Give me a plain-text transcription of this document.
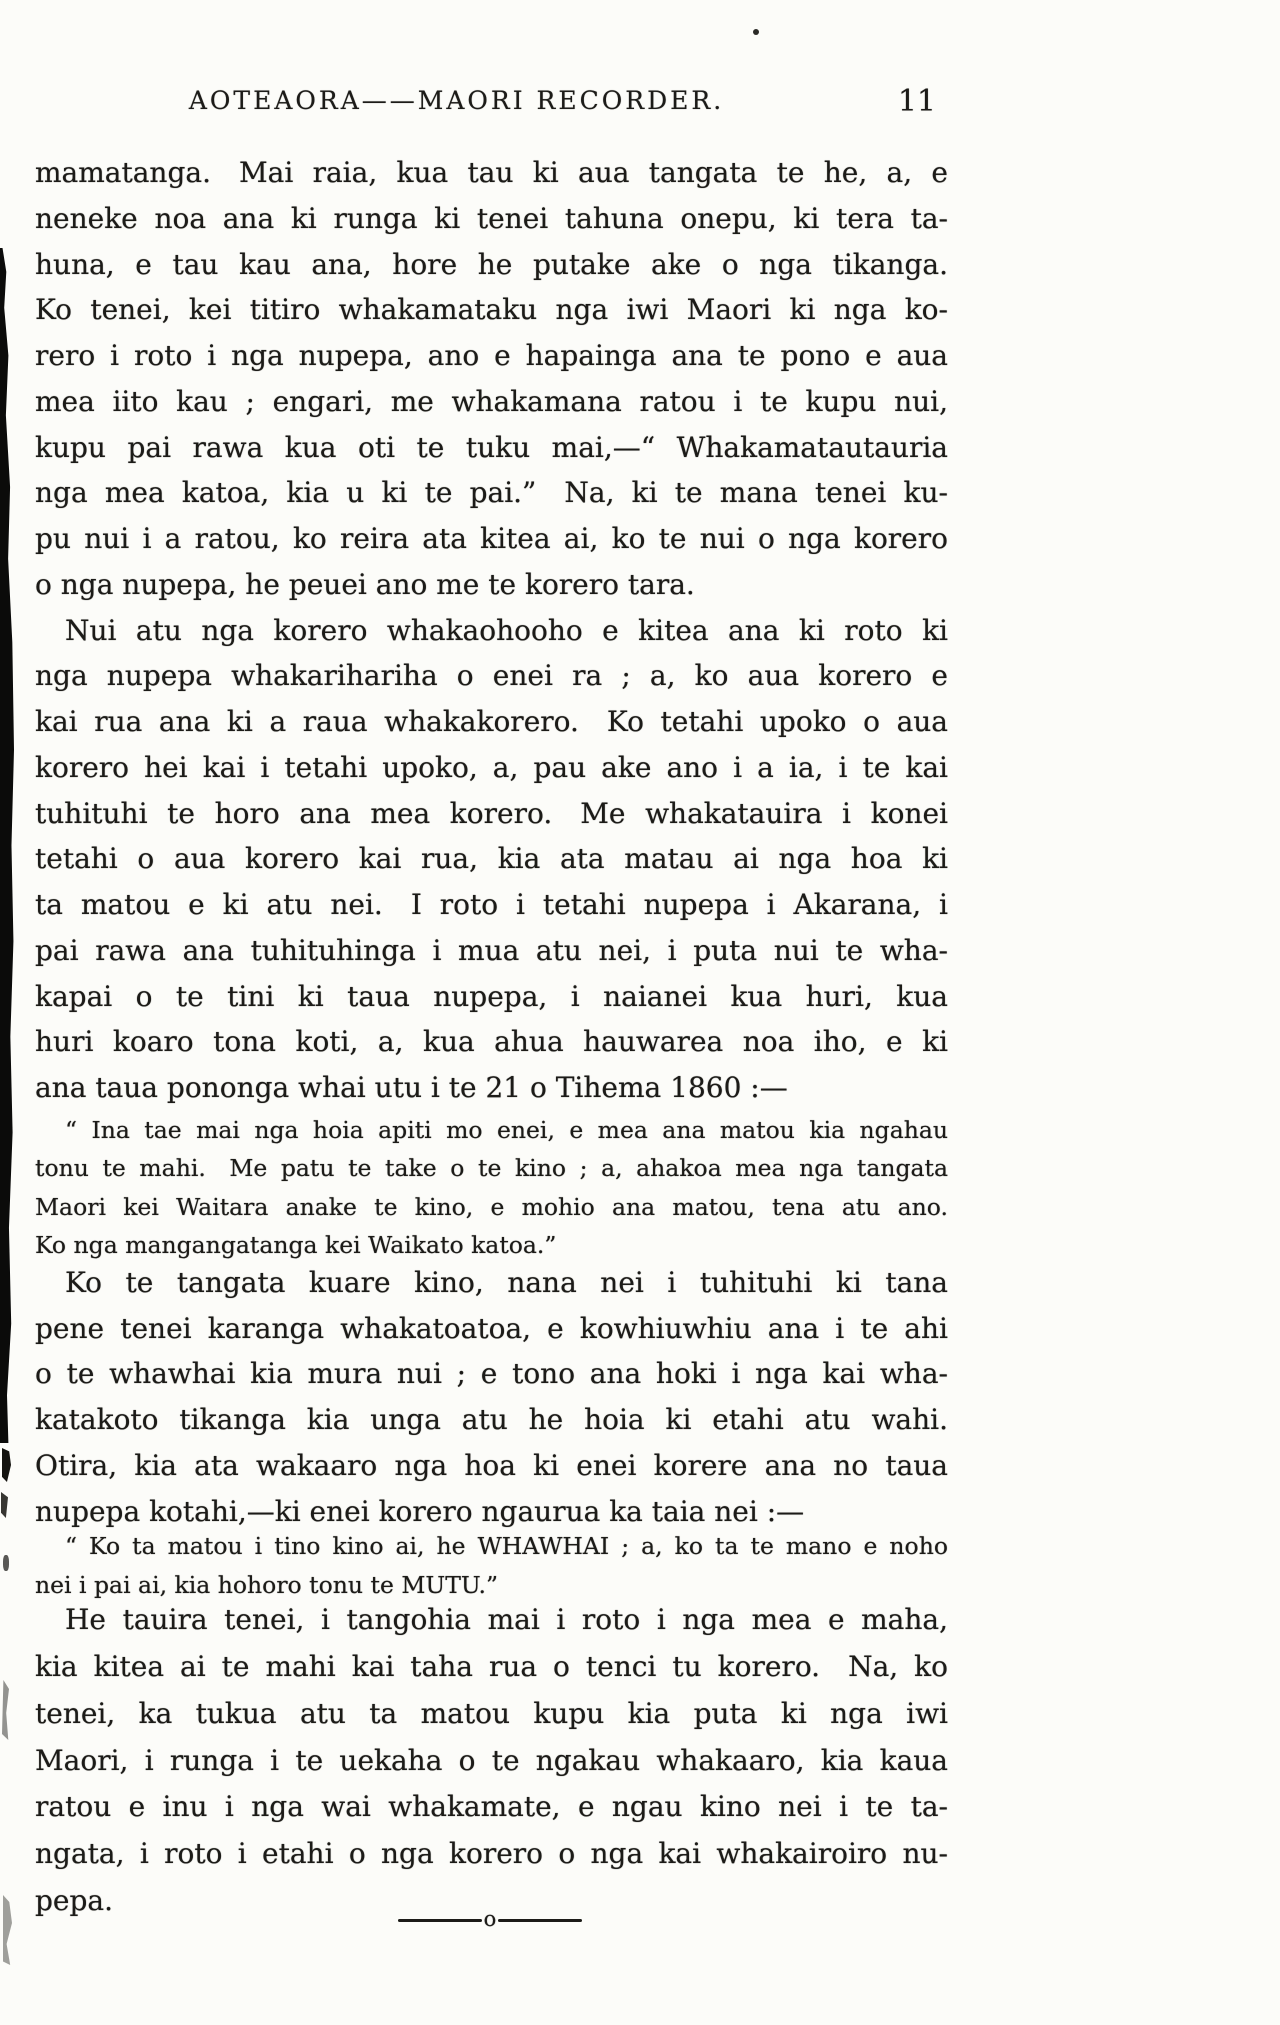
AOTEAORA——MAORI RECORDER.	11
mamatanga. Mai raia, kua tau ki aua tangata te he, a, e
neneke noa ana ki runga ki tenei tahuna onepu, ki tera ta-
huna, e tau kau ana, hore he putake ake o nga tikanga.
Ko tenei, kei titiro whakamataku nga iwi Maori ki nga ko-
rero i roto i nga nupepa, ano e hapainga ana te pono e aua
mea iito kau ; engari, me whakamana ratou i te kupu nui,
kupu pai rawa kua oti te tuku mai,—“ Whakamatautauria
nga mea katoa, kia u ki te pai.” Na, ki te mana tenei ku-
pu nui i a ratou, ko reira ata kitea ai, ko te nui o nga korero
o nga nupepa, he peuei ano me te korero tara.
Nui atu nga korero whakaohooho e kitea ana ki roto ki
nga nupepa whakarihariha o enei ra ; a, ko aua korero e
kai rua ana ki a raua whakakorero. Ko tetahi upoko o aua
korero hei kai i tetahi upoko, a, pau ake ano i a ia, i te kai
tuhituhi te horo ana mea korero. Me whakatauira i konei
tetahi o aua korero kai rua, kia ata matau ai nga hoa ki
ta matou e ki atu nei. I roto i tetahi nupepa i Akarana, i
pai rawa ana tuhituhinga i mua atu nei, i puta nui te wha-
kapai o te tini ki taua nupepa, i naianei kua huri, kua
huri koaro tona koti, a, kua ahua hauwarea noa iho, e ki
ana taua pononga whai utu i te 21 o Tihema 1860 :—
“ Ina tae mai nga hoia apiti mo enei, e mea ana matou kia ngahau
tonu te mahi. Me patu te take o te kino ; a, ahakoa mea nga tangata
Maori kei Waitara anake te kino, e mohio ana matou, tena atu ano.
Ko nga mangangatanga kei Waikato katoa.”
Ko te tangata kuare kino, nana nei i tuhituhi ki tana
pene tenei karanga whakatoatoa, e kowhiuwhiu ana i te ahi
o te whawhai kia mura nui ; e tono ana hoki i nga kai wha-
katakoto tikanga kia unga atu he hoia ki etahi atu wahi.
Otira, kia ata wakaaro nga hoa ki enei korere ana no taua
nupepa kotahi,—ki enei korero ngaurua ka taia nei :—
“ Ko ta matou i tino kino ai, he WHAWHAI ; a, ko ta te mano e noho
nei i pai ai, kia hohoro tonu te MUTU.”
He tauira tenei, i tangohia mai i roto i nga mea e maha,
kia kitea ai te mahi kai taha rua o tenci tu korero. Na, ko
tenei, ka tukua atu ta matou kupu kia puta ki nga iwi
Maori, i runga i te uekaha o te ngakau whakaaro, kia kaua
ratou e inu i nga wai whakamate, e ngau kino nei i te ta-
ngata, i roto i etahi o nga korero o nga kai whakairoiro nu-
pepa.
o
